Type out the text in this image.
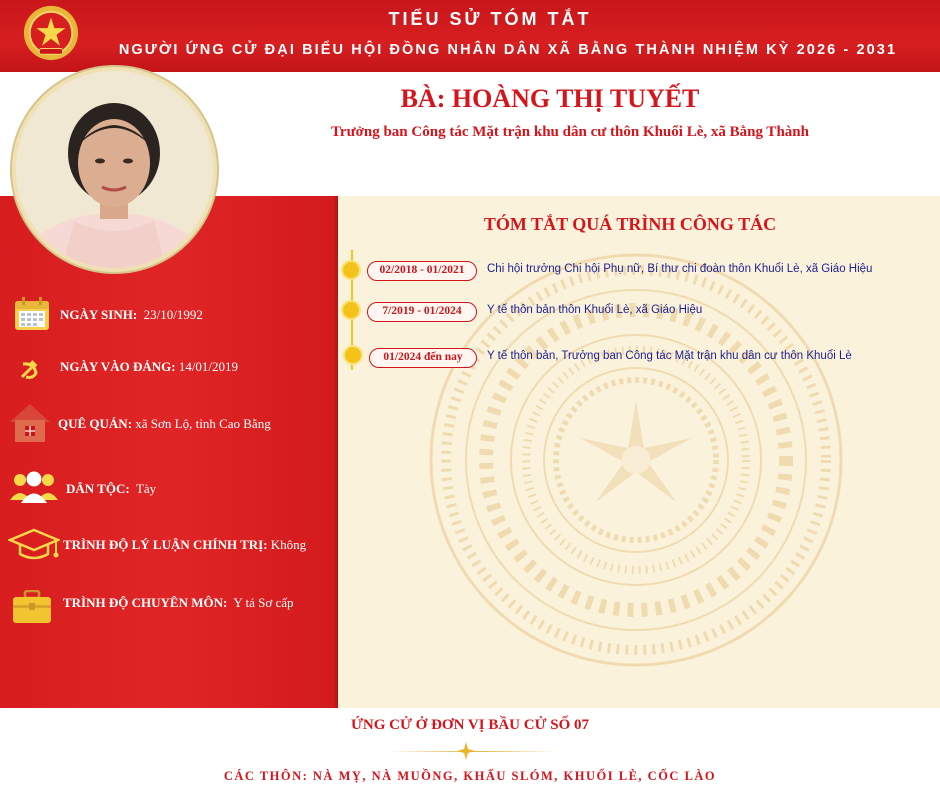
TIỂU SỬ TÓM TẮT
NGƯỜI ỨNG CỬ ĐẠI BIỂU HỘI ĐỒNG NHÂN DÂN XÃ BẰNG THÀNH NHIỆM KỲ 2026 - 2031
BÀ: HOÀNG THỊ TUYẾT
Trưởng ban Công tác Mặt trận khu dân cư thôn Khuổi Lè, xã Bằng Thành
NGÀY SINH: 23/10/1992
NGÀY VÀO ĐẢNG: 14/01/2019
QUÊ QUÁN: xã Sơn Lộ, tỉnh Cao Bằng
DÂN TỘC: Tày
TRÌNH ĐỘ LÝ LUẬN CHÍNH TRỊ: Không
TRÌNH ĐỘ CHUYÊN MÔN: Y tá Sơ cấp
TÓM TẮT QUÁ TRÌNH CÔNG TÁC
02/2018 - 01/2021	Chi hội trưởng Chi hội Phụ nữ, Bí thư chi đoàn thôn Khuổi Lè, xã Giáo Hiệu
7/2019 - 01/2024	Y tế thôn bản thôn Khuổi Lè, xã Giáo Hiệu
01/2024 đến nay	Y tế thôn bản, Trưởng ban Công tác Mặt trận khu dân cư thôn Khuổi Lè
ỨNG CỬ Ở ĐƠN VỊ BẦU CỬ SỐ 07
CÁC THÔN: NÀ MỴ, NÀ MUỒNG, KHẤU SLÓM, KHUỔI LÈ, CỐC LÀO
